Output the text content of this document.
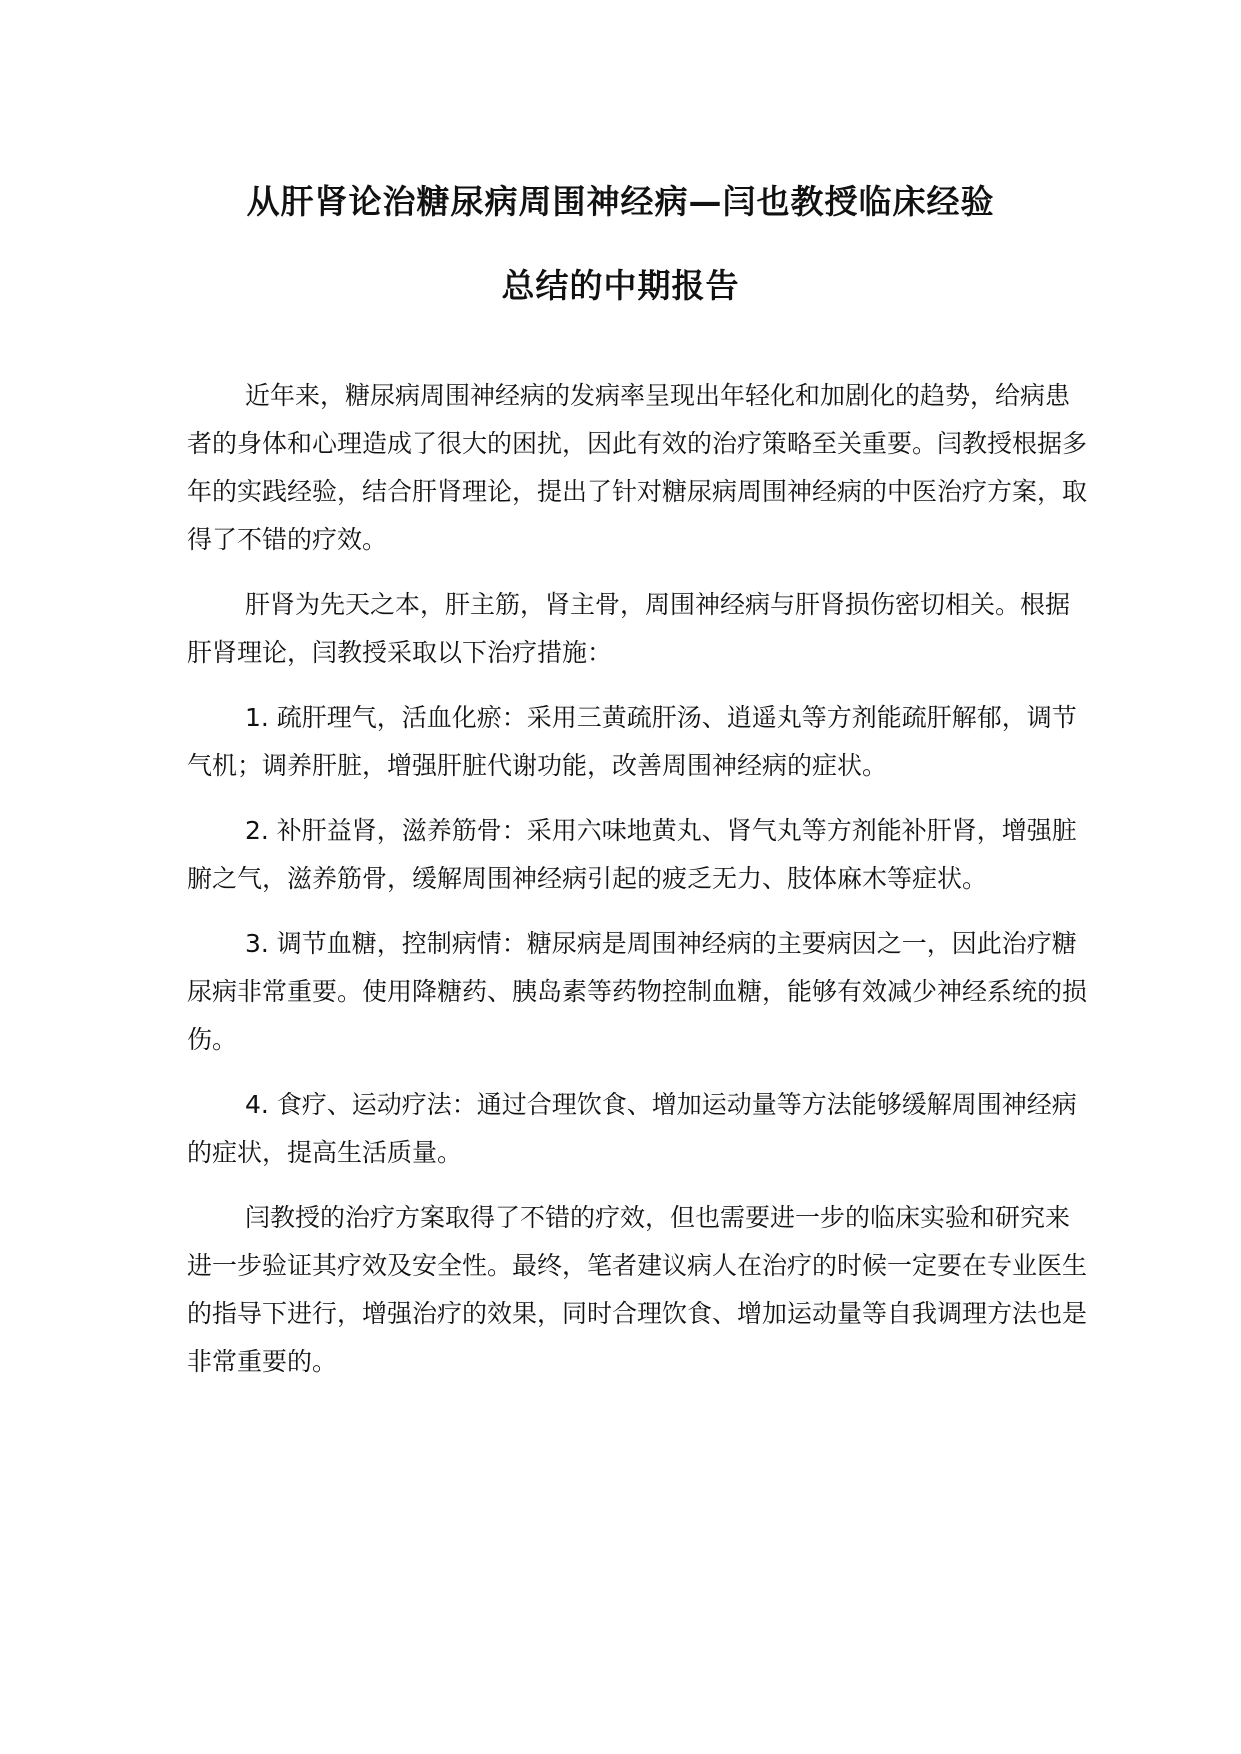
从肝肾论治糖尿病周围神经病—闫也教授临床经验
总结的中期报告

近年来，糖尿病周围神经病的发病率呈现出年轻化和加剧化的趋势，给病患者的身体和心理造成了很大的困扰，因此有效的治疗策略至关重要。闫教授根据多年的实践经验，结合肝肾理论，提出了针对糖尿病周围神经病的中医治疗方案，取得了不错的疗效。

肝肾为先天之本，肝主筋，肾主骨，周围神经病与肝肾损伤密切相关。根据肝肾理论，闫教授采取以下治疗措施：

1. 疏肝理气，活血化瘀：采用三黄疏肝汤、逍遥丸等方剂能疏肝解郁，调节气机；调养肝脏，增强肝脏代谢功能，改善周围神经病的症状。

2. 补肝益肾，滋养筋骨：采用六味地黄丸、肾气丸等方剂能补肝肾，增强脏腑之气，滋养筋骨，缓解周围神经病引起的疲乏无力、肢体麻木等症状。

3. 调节血糖，控制病情：糖尿病是周围神经病的主要病因之一，因此治疗糖尿病非常重要。使用降糖药、胰岛素等药物控制血糖，能够有效减少神经系统的损伤。

4. 食疗、运动疗法：通过合理饮食、增加运动量等方法能够缓解周围神经病的症状，提高生活质量。

闫教授的治疗方案取得了不错的疗效，但也需要进一步的临床实验和研究来进一步验证其疗效及安全性。最终，笔者建议病人在治疗的时候一定要在专业医生的指导下进行，增强治疗的效果，同时合理饮食、增加运动量等自我调理方法也是非常重要的。
